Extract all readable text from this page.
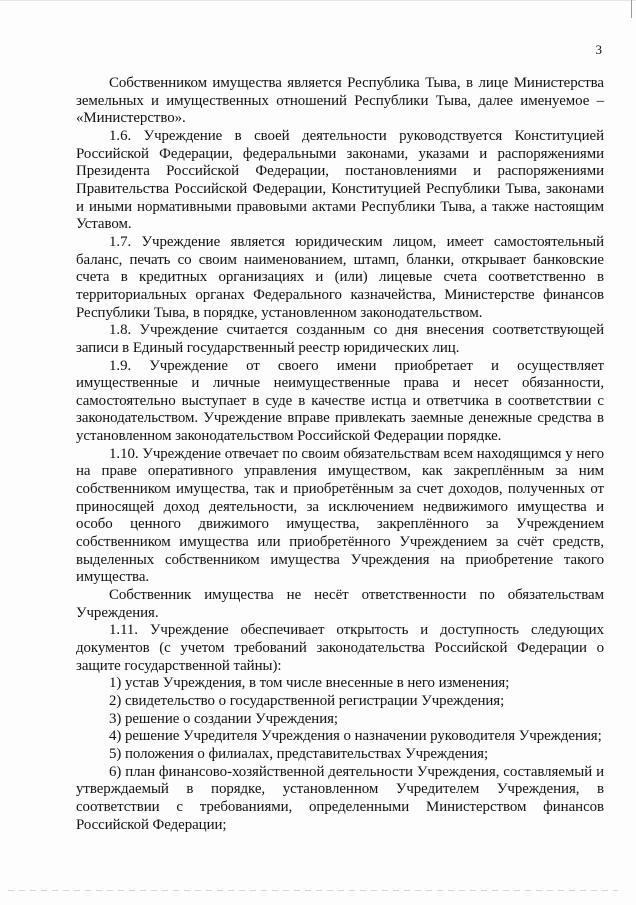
3

Собственником имущества является Республика Тыва, в лице Министерства земельных и имущественных отношений Республики Тыва, далее именуемое – «Министерство».

1.6. Учреждение в своей деятельности руководствуется Конституцией Российской Федерации, федеральными законами, указами и распоряжениями Президента Российской Федерации, постановлениями и распоряжениями Правительства Российской Федерации, Конституцией Республики Тыва, законами и иными нормативными правовыми актами Республики Тыва, а также настоящим Уставом.

1.7. Учреждение является юридическим лицом, имеет самостоятельный баланс, печать со своим наименованием, штамп, бланки, открывает банковские счета в кредитных организациях и (или) лицевые счета соответственно в территориальных органах Федерального казначейства, Министерстве финансов Республики Тыва, в порядке, установленном законодательством.

1.8. Учреждение считается созданным со дня внесения соответствующей записи в Единый государственный реестр юридических лиц.

1.9. Учреждение от своего имени приобретает и осуществляет имущественные и личные неимущественные права и несет обязанности, самостоятельно выступает в суде в качестве истца и ответчика в соответствии с законодательством. Учреждение вправе привлекать заемные денежные средства в установленном законодательством Российской Федерации порядке.

1.10. Учреждение отвечает по своим обязательствам всем находящимся у него на праве оперативного управления имуществом, как закреплённым за ним собственником имущества, так и приобретённым за счет доходов, полученных от приносящей доход деятельности, за исключением недвижимого имущества и особо ценного движимого имущества, закреплённого за Учреждением собственником имущества или приобретённого Учреждением за счёт средств, выделенных собственником имущества Учреждения на приобретение такого имущества.

Собственник имущества не несёт ответственности по обязательствам Учреждения.

1.11. Учреждение обеспечивает открытость и доступность следующих документов (с учетом требований законодательства Российской Федерации о защите государственной тайны):

1) устав Учреждения, в том числе внесенные в него изменения;

2) свидетельство о государственной регистрации Учреждения;

3) решение о создании Учреждения;

4) решение Учредителя Учреждения о назначении руководителя Учреждения;

5) положения о филиалах, представительствах Учреждения;

6) план финансово-хозяйственной деятельности Учреждения, составляемый и утверждаемый в порядке, установленном Учредителем Учреждения, в соответствии с требованиями, определенными Министерством финансов Российской Федерации;
